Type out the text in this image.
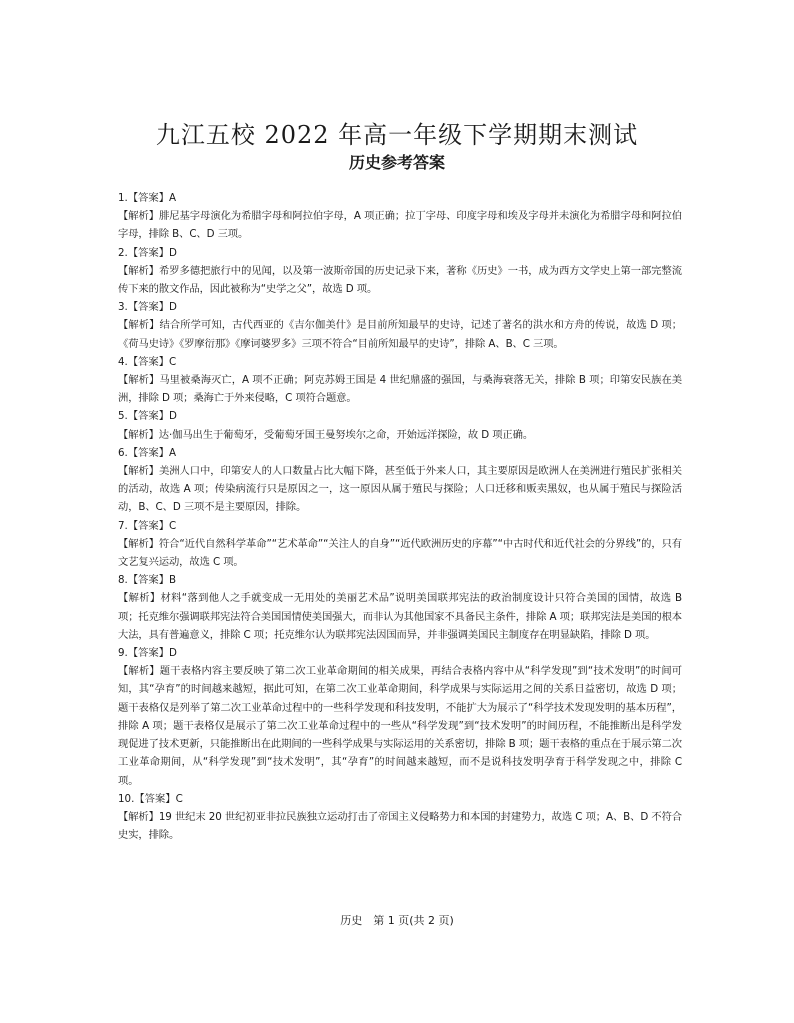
九江五校 2022 年高一年级下学期期末测试
历史参考答案
1.【答案】A
【解析】腓尼基字母演化为希腊字母和阿拉伯字母，A 项正确；拉丁字母、印度字母和埃及字母并未演化为希腊字母和阿拉伯字母，排除 B、C、D 三项。
2.【答案】D
【解析】希罗多德把旅行中的见闻，以及第一波斯帝国的历史记录下来，著称《历史》一书，成为西方文学史上第一部完整流传下来的散文作品，因此被称为“史学之父”，故选 D 项。
3.【答案】D
【解析】结合所学可知，古代西亚的《吉尔伽美什》是目前所知最早的史诗，记述了著名的洪水和方舟的传说，故选 D 项；《荷马史诗》《罗摩衍那》《摩诃婆罗多》三项不符合“目前所知最早的史诗”，排除 A、B、C 三项。
4.【答案】C
【解析】马里被桑海灭亡，A 项不正确；阿克苏姆王国是 4 世纪鼎盛的强国，与桑海衰落无关，排除 B 项；印第安民族在美洲，排除 D 项；桑海亡于外来侵略，C 项符合题意。
5.【答案】D
【解析】达·伽马出生于葡萄牙，受葡萄牙国王曼努埃尔之命，开始远洋探险，故 D 项正确。
6.【答案】A
【解析】美洲人口中，印第安人的人口数量占比大幅下降，甚至低于外来人口，其主要原因是欧洲人在美洲进行殖民扩张相关的活动，故选 A 项；传染病流行只是原因之一，这一原因从属于殖民与探险；人口迁移和贩卖黑奴，也从属于殖民与探险活动，B、C、D 三项不是主要原因，排除。
7.【答案】C
【解析】符合“近代自然科学革命”“艺术革命”“关注人的自身”“近代欧洲历史的序幕”“中古时代和近代社会的分界线”的，只有文艺复兴运动，故选 C 项。
8.【答案】B
【解析】材料“落到他人之手就变成一无用处的美丽艺术品”说明美国联邦宪法的政治制度设计只符合美国的国情，故选 B 项；托克维尔强调联邦宪法符合美国国情使美国强大，而非认为其他国家不具备民主条件，排除 A 项；联邦宪法是美国的根本大法，具有普遍意义，排除 C 项；托克维尔认为联邦宪法因国而异，并非强调美国民主制度存在明显缺陷，排除 D 项。
9.【答案】D
【解析】题干表格内容主要反映了第二次工业革命期间的相关成果，再结合表格内容中从“科学发现”到“技术发明”的时间可知，其“孕育”的时间越来越短，据此可知，在第二次工业革命期间，科学成果与实际运用之间的关系日益密切，故选 D 项；题干表格仅是列举了第二次工业革命过程中的一些科学发现和科技发明，不能扩大为展示了“科学技术发现发明的基本历程”，排除 A 项；题干表格仅是展示了第二次工业革命过程中的一些从“科学发现”到“技术发明”的时间历程，不能推断出是科学发现促进了技术更新，只能推断出在此期间的一些科学成果与实际运用的关系密切，排除 B 项；题干表格的重点在于展示第二次工业革命期间，从“科学发现”到“技术发明”，其“孕育”的时间越来越短，而不是说科技发明孕育于科学发现之中，排除 C 项。
10.【答案】C
【解析】19 世纪末 20 世纪初亚非拉民族独立运动打击了帝国主义侵略势力和本国的封建势力，故选 C 项；A、B、D 不符合史实，排除。
历史　第 1 页(共 2 页)
